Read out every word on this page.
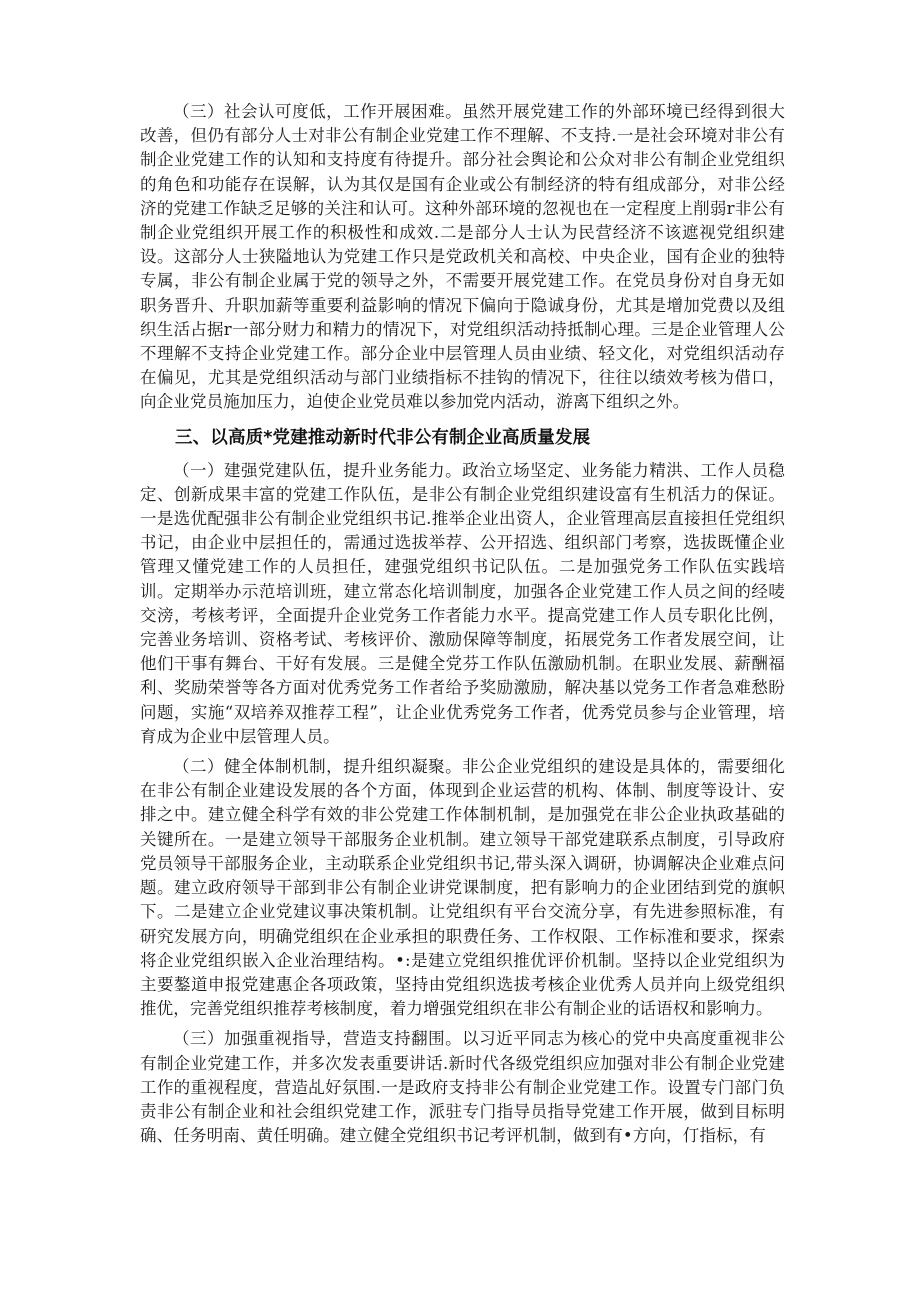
（三）社会认可度低，工作开展困难。虽然开展党建工作的外部环境已经得到很大改善，但仍有部分人士对非公有制企业党建工作不理解、不支持.一是社会环境对非公有制企业党建工作的认知和支持度有待提升。部分社会舆论和公众对非公有制企业党组织的角色和功能存在误解，认为其仅是国有企业或公有制经济的特有组成部分，对非公经济的党建工作缺乏足够的关注和认可。这种外部环境的忽视也在一定程度上削弱r非公有制企业党组织开展工作的积极性和成效.二是部分人士认为民营经济不该遮视党组织建设。这部分人士狭隘地认为党建工作只是党政机关和高校、中央企业，国有企业的独特专属，非公有制企业属于党的领导之外，不需要开展党建工作。在党员身份对自身无如职务晋升、升职加薪等重要利益影响的情况下偏向于隐诚身份，尤其是增加党费以及组织生活占据r一部分财力和精力的情况下，对党组织活动持抵制心理。三是企业管理人公不理解不支持企业党建工作。部分企业中层管理人员由业绩、轻文化，对党组织活动存在偏见，尤其是党组织活动与部门业绩指标不挂钩的情况下，往往以绩效考核为借口，向企业党员施加压力，迫使企业党员难以参加党内活动，游离下组织之外。

三、以高质*党建推动新时代非公有制企业高质量发展

（一）建强党建队伍，提升业务能力。政治立场坚定、业务能力精洪、工作人员稳定、创新成果丰富的党建工作队伍，是非公有制企业党组织建设富有生机活力的保证。一是选优配强非公有制企业党组织书记.推举企业出资人，企业管理高层直接担任党组织书记，由企业中层担任的，需通过选拔举荐、公开招选、组织部门考察，选拔既懂企业管理又懂党建工作的人员担任，建强党组织书记队伍。二是加强党务工作队伍实践培训。定期举办示范培训班，建立常态化培训制度，加强各企业党建工作人员之间的经唛交滂，考核考评，全面提升企业党务工作者能力水平。提高党建工作人员专职化比例，完善业务培训、资格考试、考核评价、激励保障等制度，拓展党务工作者发展空间，让他们干事有舞台、干好有发展。三是健全党芬工作队伍激励机制。在职业发展、薪酬福利、奖励荣誉等各方面对优秀党务工作者给予奖励激励，解决基以党务工作者急难愁盼问题，实施“双培养双推荐工程”，让企业优秀党务工作者，优秀党员参与企业管理，培育成为企业中层管理人员。

（二）健全体制机制，提升组织凝聚。非公企业党组织的建设是具体的，需要细化在非公有制企业建设发展的各个方面，体现到企业运营的机构、体制、制度等设计、安排之中。建立健全科学有效的非公党建工作体制机制，是加强党在非公企业执政基础的关键所在。一是建立领导干部服务企业机制。建立领导干部党建联系点制度，引导政府党员领导干部服务企业，主动联系企业党组织书记,带头深入调研，协调解决企业难点问题。建立政府领导干部到非公有制企业讲党课制度，把有影响力的企业团结到党的旗帜下。二是建立企业党建议事决策机制。让党组织有平台交流分享，有先进参照标准，有研究发展方向，明确党组织在企业承担的职费任务、工作权限、工作标准和要求，探索将企业党组织嵌入企业治理结构。•:是建立党组织推优评价机制。坚持以企业党组织为主要鏊道申报党建惠企各项政策，坚持由党组织选拔考核企业优秀人员并向上级党组织推优，完善党组织推荐考核制度，着力增强党组织在非公有制企业的话语权和影响力。

（三）加强重视指导，营造支持翻围。以习近平同志为核心的党中央高度重视非公有制企业党建工作，并多次发表重要讲话.新时代各级党组织应加强对非公有制企业党建工作的重视程度，营造乩好氛围.一是政府支持非公有制企业党建工作。设置专门部门负责非公有制企业和社会组织党建工作，派驻专门指导员指导党建工作开展，做到目标明确、任务明南、黄任明确。建立健全党组织书记考评机制，做到有•方向，仃指标，有
